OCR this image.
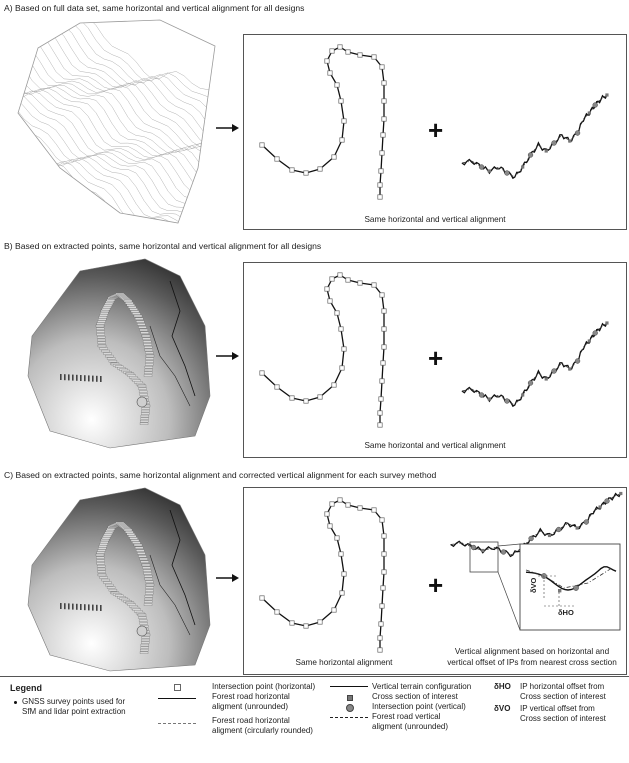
A) Based on full data set, same horizontal and vertical alignment for all designs
+
Same horizontal and vertical alignment
B) Based on extracted points, same horizontal and vertical alignment for all designs
+
Same horizontal and vertical alignment
C) Based on extracted points, same horizontal alignment and corrected vertical alignment for each survey method
+	δVO
δHO
Same horizontal alignment
Vertical alignment based on horizontal and
vertical offset of IPs from nearest cross section
Legend
GNSS survey points used for
SfM and lidar point extraction
Intersection point (horizontal)
Forest road horizontal
aligment (unrounded)
Forest road horizontal
aligment (circularly rounded)
Vertical terrain configuration
Cross section of interest
Intersection point (vertical)
Forest road vertical
aligment (unrounded)
δHO IP horizontal offset from
Cross section of interest
δVO IP vertical offset from
Cross section of interest
